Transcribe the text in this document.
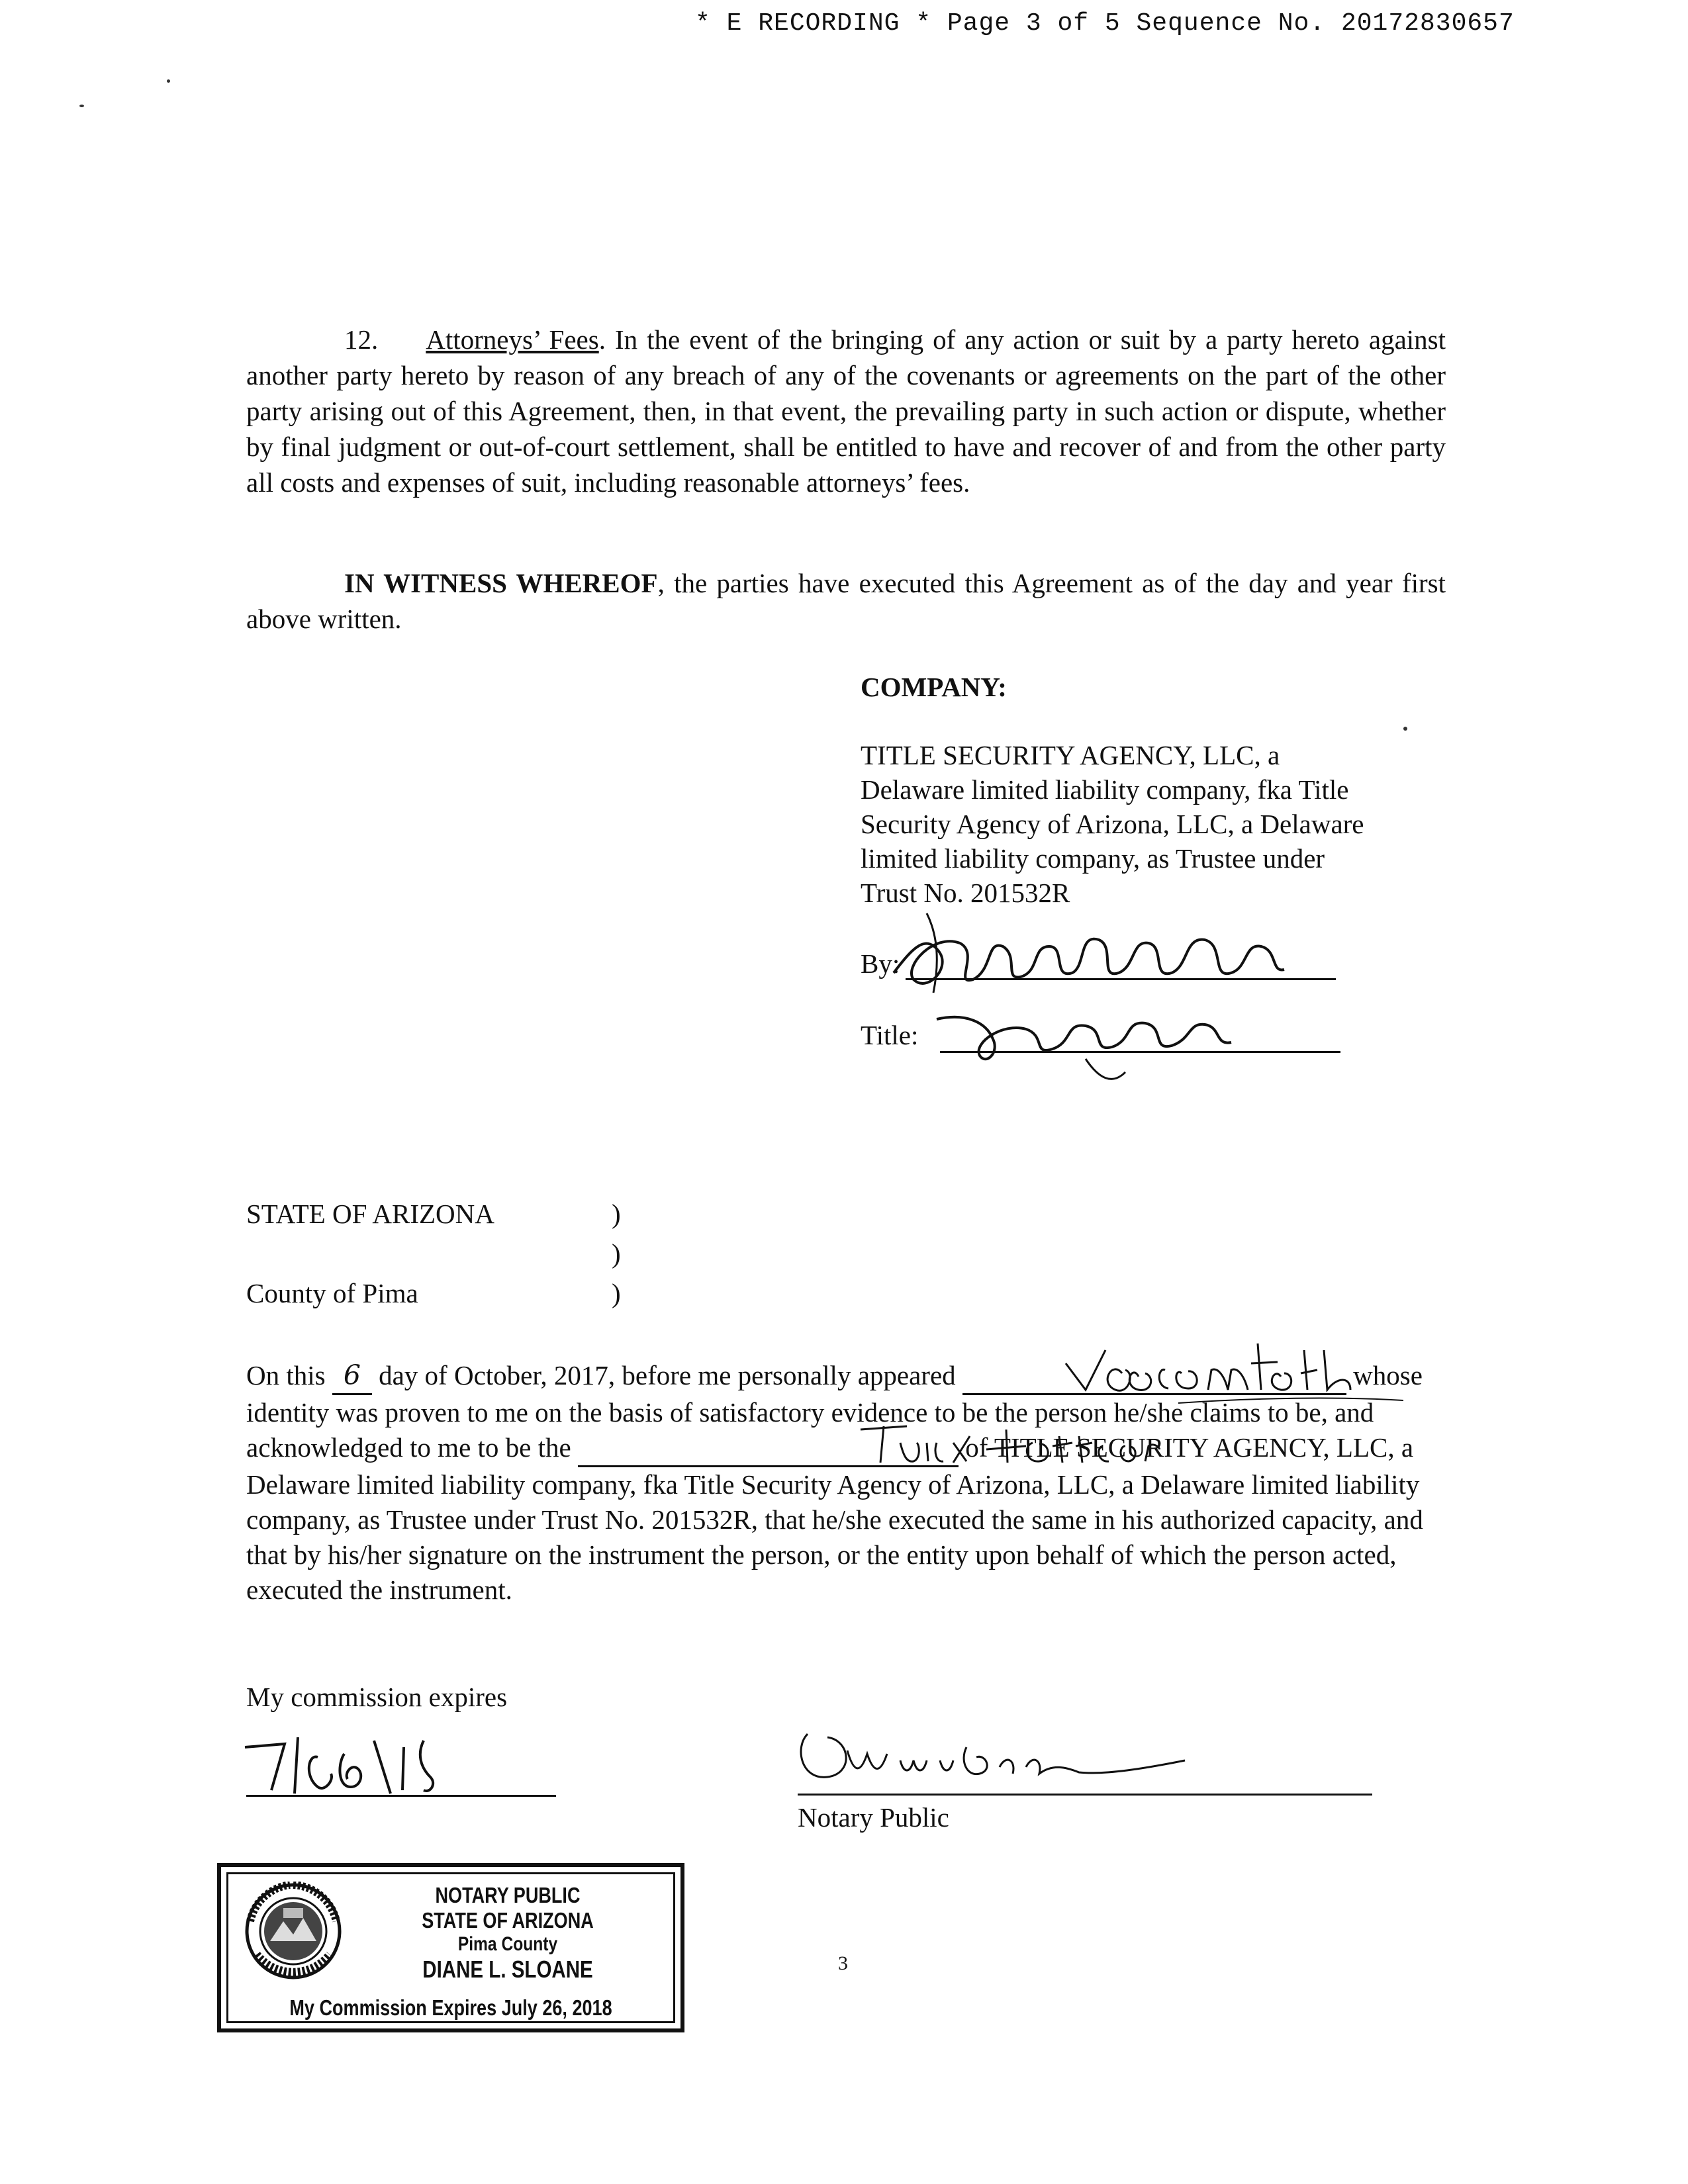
* E RECORDING * Page 3 of 5 Sequence No. 20172830657
12. Attorneys’ Fees. In the event of the bringing of any action or suit by a party hereto against another party hereto by reason of any breach of any of the covenants or agreements on the part of the other party arising out of this Agreement, then, in that event, the prevailing party in such action or dispute, whether by final judgment or out-of-court settlement, shall be entitled to have and recover of and from the other party all costs and expenses of suit, including reasonable attorneys’ fees.
IN WITNESS WHEREOF, the parties have executed this Agreement as of the day and year first above written.
COMPANY:
TITLE SECURITY AGENCY, LLC, a
Delaware limited liability company, fka Title
Security Agency of Arizona, LLC, a Delaware
limited liability company, as Trustee under
Trust No. 201532R
By:
Title:
STATE OF ARIZONA	)
)
County of Pima	)
On this 6 day of October, 2017, before me personally appeared	whose identity was proven to me on the basis of satisfactory evidence to be the person he/she claims to be, and acknowledged to me to be the	of TITLE SECURITY AGENCY, LLC, a Delaware limited liability company, fka Title Security Agency of Arizona, LLC, a Delaware limited liability company, as Trustee under Trust No. 201532R, that he/she executed the same in his authorized capacity, and that by his/her signature on the instrument the person, or the entity upon behalf of which the person acted, executed the instrument.
My commission expires
Notary Public
NOTARY PUBLIC
STATE OF ARIZONA
Pima County
DIANE L. SLOANE
My Commission Expires July 26, 2018
3
